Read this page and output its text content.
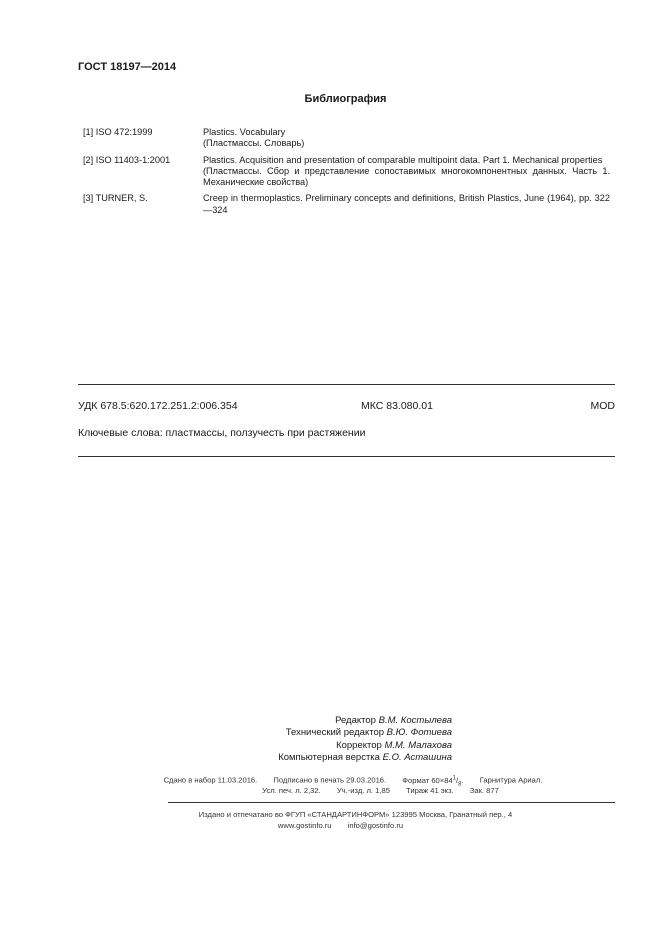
ГОСТ 18197—2014
Библиография
[1] ISO 472:1999	Plastics. Vocabulary
(Пластмассы. Словарь)
[2] ISO 11403-1:2001	Plastics. Acquisition and presentation of comparable multipoint data. Part 1. Mechanical properties
(Пластмассы. Сбор и представление сопоставимых многокомпонентных данных. Часть 1. Механические свойства)
[3] TURNER, S.	Creep in thermoplastics. Preliminary concepts and definitions, British Plastics, June (1964), pp. 322—324
УДК 678.5:620.172.251.2:006.354	МКС 83.080.01	MOD
Ключевые слова: пластмассы, ползучесть при растяжении
Редактор В.М. Костылева
Технический редактор В.Ю. Фотиева
Корректор М.М. Малахова
Компьютерная верстка Е.О. Асташина
Сдано в набор 11.03.2016. Подписано в печать 29.03.2016. Формат $60\times 84^1/_8$. Гарнитура Ариал.
Усл. печ. л. 2,32. Уч.-изд. л. 1,85 Тираж 41 экз. Зак. 877
Издано и отпечатано во ФГУП «СТАНДАРТИНФОРМ» 123995 Москва, Гранатный пер., 4
www.gostinfo.ru info@gostinfo.ru
